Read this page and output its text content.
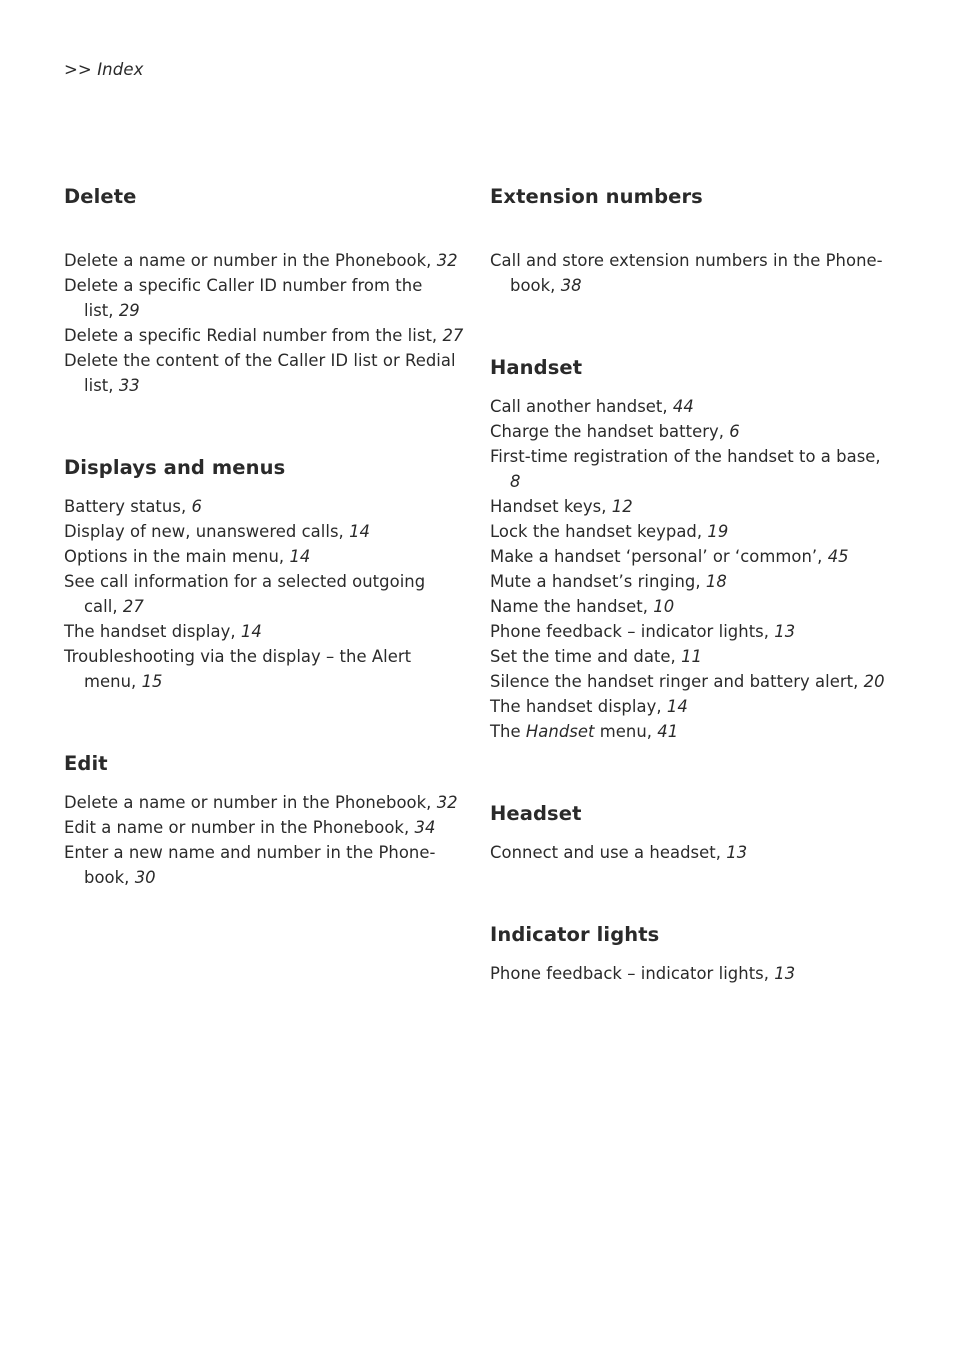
>> Index
Delete
Delete a name or number in the Phonebook, 32
Delete a specific Caller ID number from the
list, 29
Delete a specific Redial number from the list, 27
Delete the content of the Caller ID list or Redial
list, 33
Displays and menus
Battery status, 6
Display of new, unanswered calls, 14
Options in the main menu, 14
See call information for a selected outgoing
call, 27
The handset display, 14
Troubleshooting via the display – the Alert
menu, 15
Edit
Delete a name or number in the Phonebook, 32
Edit a name or number in the Phonebook, 34
Enter a new name and number in the Phone-
book, 30
Extension numbers
Call and store extension numbers in the Phone-
book, 38
Handset
Call another handset, 44
Charge the handset battery, 6
First-time registration of the handset to a base, 8
Handset keys, 12
Lock the handset keypad, 19
Make a handset ‘personal’ or ‘common’, 45
Mute a handset’s ringing, 18
Name the handset, 10
Phone feedback – indicator lights, 13
Set the time and date, 11
Silence the handset ringer and battery alert, 20
The handset display, 14
The Handset menu, 41
Headset
Connect and use a headset, 13
Indicator lights
Phone feedback – indicator lights, 13
